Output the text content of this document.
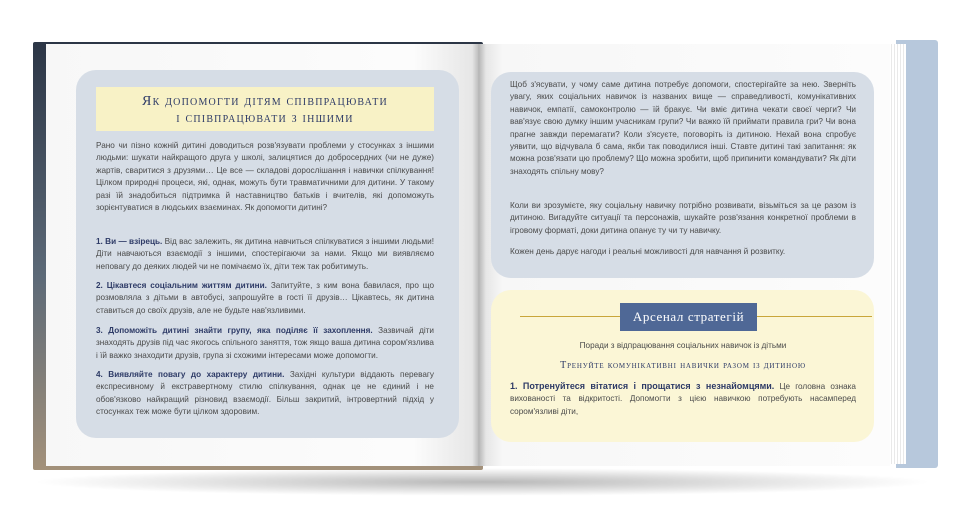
Як допомогти дітям співпрацювати
і співпрацювати з іншими

Рано чи пізно кожній дитині доводиться розв'язувати проблеми у стосунках з іншими людьми: шукати найкращого друга у школі, залицятися до добросердних (чи не дуже) жартів, сваритися з друзями… Це все — складові дорослішання і навички спілкування! Цілком природні процеси, які, однак, можуть бути травматичними для дитини. У такому разі їй знадобиться підтримка й наставництво батьків і вчителів, які допоможуть зорієнтуватися в людських взаєминах. Як допомогти дитині?

1. Ви — взірець. Від вас залежить, як дитина навчиться спілкуватися з іншими людьми! Діти навчаються взаємодії з іншими, спостерігаючи за нами. Якщо ми виявляємо неповагу до деяких людей чи не помічаємо їх, діти теж так робитимуть.

2. Цікавтеся соціальним життям дитини. Запитуйте, з ким вона бавилася, про що розмовляла з дітьми в автобусі, запрошуйте в гості її друзів… Цікавтесь, як дитина ставиться до своїх друзів, але не будьте нав'язливими.

3. Допоможіть дитині знайти групу, яка поділяє її захоплення. Зазвичай діти знаходять друзів під час якогось спільного заняття, тож якщо ваша дитина сором'язлива і їй важко знаходити друзів, група зі схожими інтересами може допомогти.

4. Виявляйте повагу до характеру дитини. Західні культури віддають перевагу експресивному й екстравертному стилю спілкування, однак це не єдиний і не обов'язково найкращий різновид взаємодії. Більш закритий, інтровертний підхід у стосунках теж може бути цілком здоровим.

Щоб з'ясувати, у чому саме дитина потребує допомоги, спостерігайте за нею. Зверніть увагу, яких соціальних навичок із названих вище — справедливості, комунікативних навичок, емпатії, самоконтролю — їй бракує. Чи вміє дитина чекати своєї черги? Чи вав'язує свою думку іншим учасникам групи? Чи важко їй приймати правила гри? Чи вона прагне завжди перемагати? Коли з'ясуєте, поговоріть із дитиною. Нехай вона спробує уявити, що відчувала б сама, якби так поводилися інші. Ставте дитині такі запитання: як можна розв'язати цю проблему? Що можна зробити, щоб припинити командувати? Як діти знаходять спільну мову?

Коли ви зрозумієте, яку соціальну навичку потрібно розвивати, візьміться за це разом із дитиною. Вигадуйте ситуації та персонажів, шукайте розв'язання конкретної проблеми в ігровому форматі, доки дитина опанує ту чи ту навичку.

Кожен день дарує нагоди і реальні можливості для навчання й розвитку.

Арсенал стратегій
Поради з відпрацювання соціальних навичок із дітьми
Тренуйте комунікативні навички разом із дитиною

1. Потренуйтеся вітатися і прощатися з незнайомцями. Це головна ознака вихованості та відкритості. Допомогти з цією навичкою потребують насамперед сором'язливі діти,
